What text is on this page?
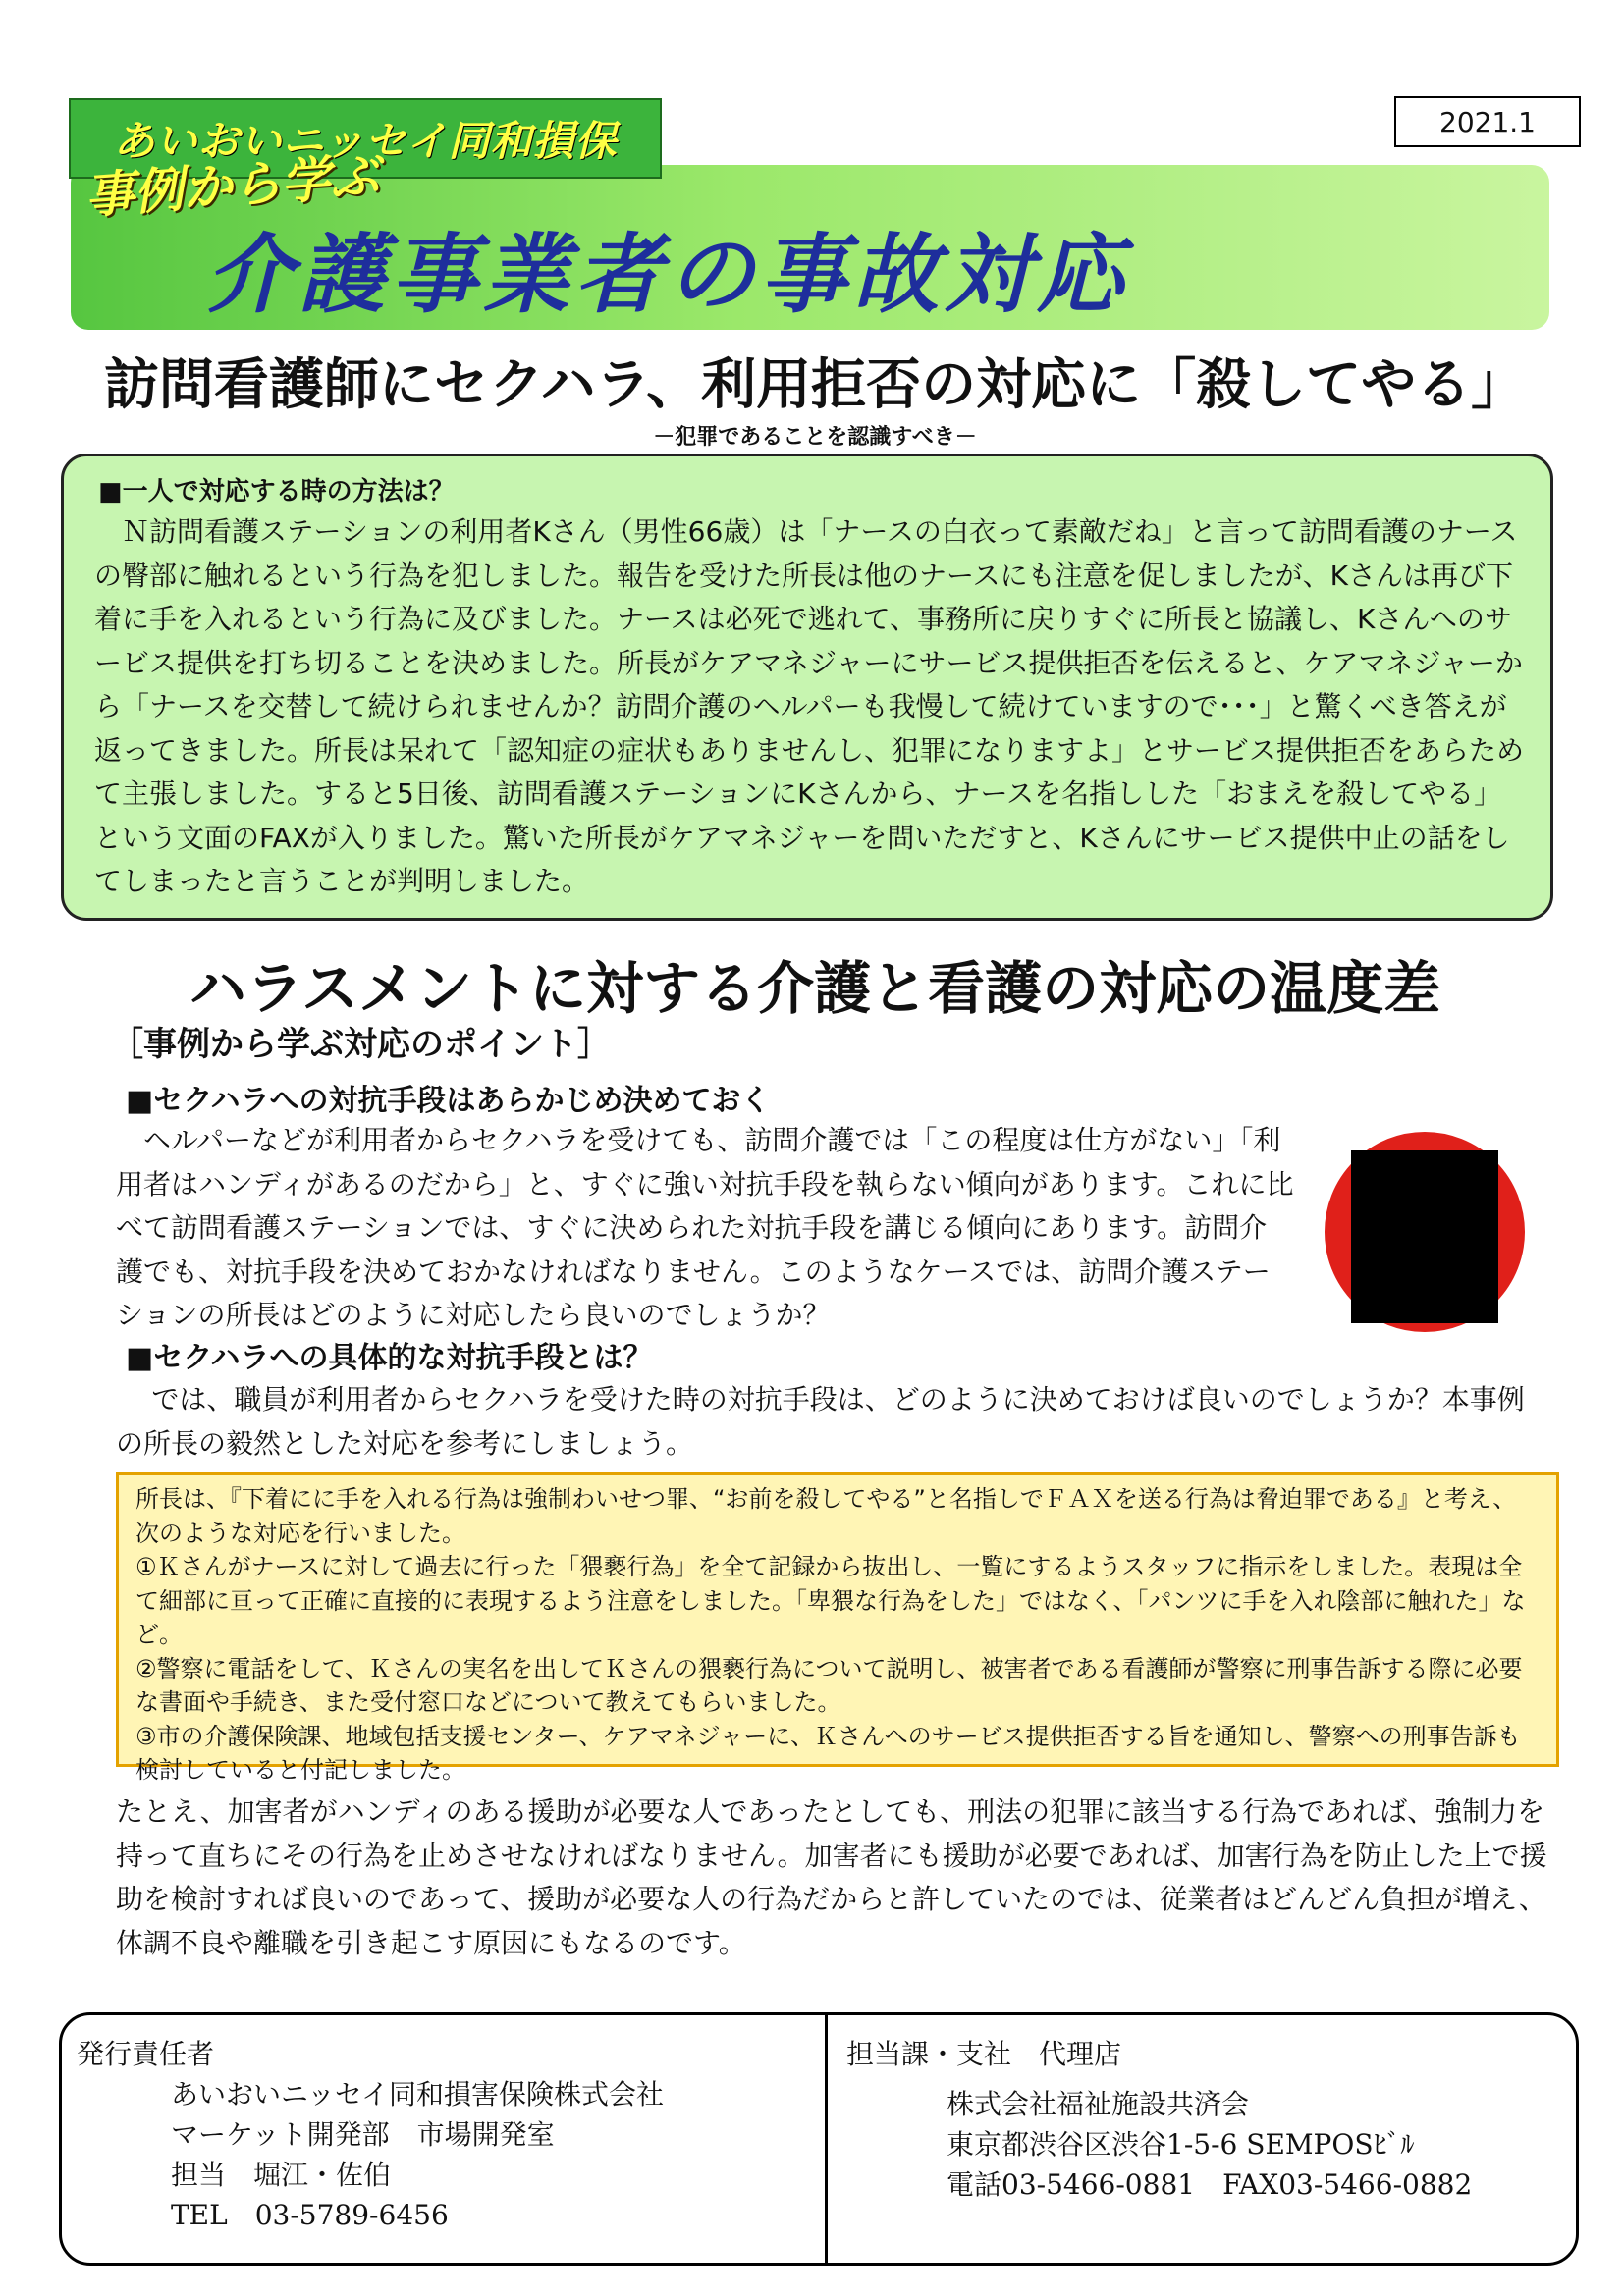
あいおいニッセイ同和損保	2021.1
事例から学ぶ
介護事業者の事故対応
訪問看護師にセクハラ、利用拒否の対応に「殺してやる」
－犯罪であることを認識すべき－
■一人で対応する時の方法は？
Ｎ訪問看護ステーションの利用者Kさん（男性66歳）は「ナースの白衣って素敵だね」と言って訪問看護のナースの臀部に触れるという行為を犯しました。報告を受けた所長は他のナースにも注意を促しましたが、Kさんは再び下着に手を入れるという行為に及びました。ナースは必死で逃れて、事務所に戻りすぐに所長と協議し、Kさんへのサービス提供を打ち切ることを決めました。所長がケアマネジャーにサービス提供拒否を伝えると、ケアマネジャーから「ナースを交替して続けられませんか？訪問介護のヘルパーも我慢して続けていますので･･･」と驚くべき答えが返ってきました。所長は呆れて「認知症の症状もありませんし、犯罪になりますよ」とサービス提供拒否をあらためて主張しました。すると5日後、訪問看護ステーションにKさんから、ナースを名指しした「おまえを殺してやる」という文面のFAXが入りました。驚いた所長がケアマネジャーを問いただすと、Kさんにサービス提供中止の話をしてしまったと言うことが判明しました。
ハラスメントに対する介護と看護の対応の温度差
［事例から学ぶ対応のポイント］
■セクハラへの対抗手段はあらかじめ決めておく
ヘルパーなどが利用者からセクハラを受けても、訪問介護では「この程度は仕方がない」「利用者はハンディがあるのだから」と、すぐに強い対抗手段を執らない傾向があります。これに比べて訪問看護ステーションでは、すぐに決められた対抗手段を講じる傾向にあります。訪問介護でも、対抗手段を決めておかなければなりません。このようなケースでは、訪問介護ステーションの所長はどのように対応したら良いのでしょうか？
■セクハラへの具体的な対抗手段とは？
では、職員が利用者からセクハラを受けた時の対抗手段は、どのように決めておけば良いのでしょうか？本事例の所長の毅然とした対応を参考にしましょう。

所長は、『下着にに手を入れる行為は強制わいせつ罪、“お前を殺してやる”と名指しでＦＡＸを送る行為は脅迫罪である』と考え、次のような対応を行いました。

①Ｋさんがナースに対して過去に行った「猥褻行為」を全て記録から抜出し、一覧にするようスタッフに指示をしました。表現は全て細部に亘って正確に直接的に表現するよう注意をしました。「卑猥な行為をした」ではなく、「パンツに手を入れ陰部に触れた」など。

②警察に電話をして、Ｋさんの実名を出してＫさんの猥褻行為について説明し、被害者である看護師が警察に刑事告訴する際に必要な書面や手続き、また受付窓口などについて教えてもらいました。

③市の介護保険課、地域包括支援センター、ケアマネジャーに、Ｋさんへのサービス提供拒否する旨を通知し、警察への刑事告訴も検討していると付記しました。

たとえ、加害者がハンディのある援助が必要な人であったとしても、刑法の犯罪に該当する行為であれば、強制力を持って直ちにその行為を止めさせなければなりません。加害者にも援助が必要であれば、加害行為を防止した上で援助を検討すれば良いのであって、援助が必要な人の行為だからと許していたのでは、従業者はどんどん負担が増え、体調不良や離職を引き起こす原因にもなるのです。
発行責任者
あいおいニッセイ同和損害保険株式会社
マーケット開発部　市場開発室
担当　堀江・佐伯
TEL　03-5789-6456
担当課・支社　代理店
株式会社福祉施設共済会
東京都渋谷区渋谷1-5-6 SEMPOSﾋﾞﾙ
電話03-5466-0881　FAX03-5466-0882
